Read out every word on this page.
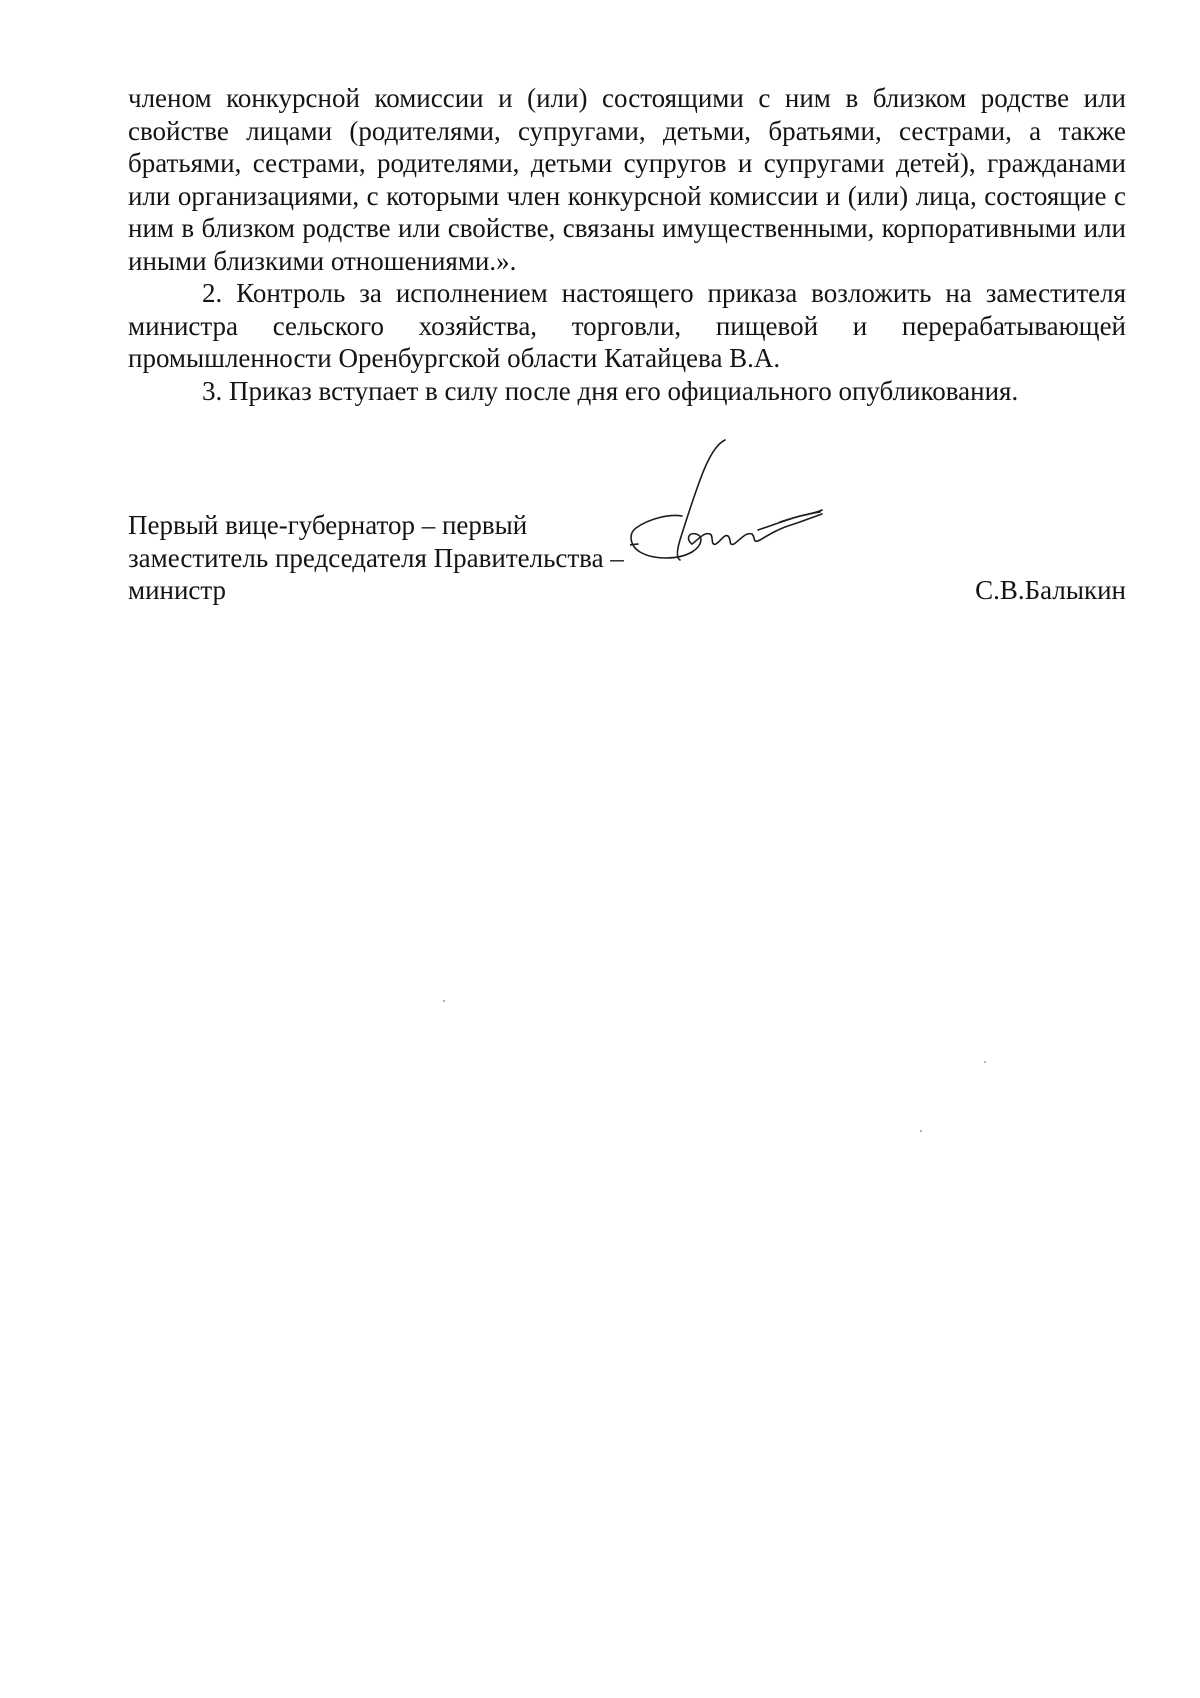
членом конкурсной комиссии и (или) состоящими с ним в близком родстве или свойстве лицами (родителями, супругами, детьми, братьями, сестрами, а также братьями, сестрами, родителями, детьми супругов и супругами детей), гражданами или организациями, с которыми член конкурсной комиссии и (или) лица, состоящие с ним в близком родстве или свойстве, связаны имущественными, корпоративными или иными близкими отношениями.».

2. Контроль за исполнением настоящего приказа возложить на заместителя министра сельского хозяйства, торговли, пищевой и перерабатывающей промышленности Оренбургской области Катайцева В.А.

3. Приказ вступает в силу после дня его официального опубликования.

Первый вице-губернатор – первый
заместитель председателя Правительства –
министр	С.В.Балыкин
